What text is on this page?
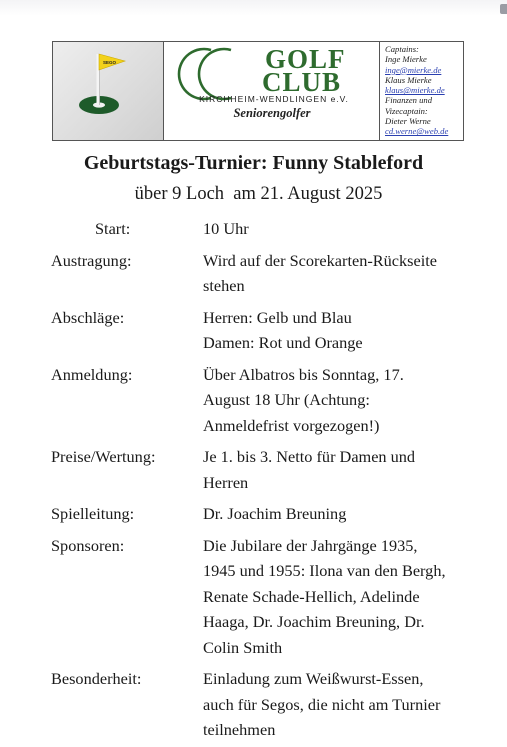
SEGO	GOLF
CLUB
KIRCHHEIM-WENDLINGEN e.V.
Seniorengolfer
Captains:
Inge Mierke
inge@mierke.de
Klaus Mierke
klaus@mierke.de
Finanzen und
Vizecaptain:
Dieter Werne
cd.werne@web.de
Geburtstags-Turnier: Funny Stableford
über 9 Loch  am 21. August 2025
Start:	10 Uhr
Austragung:	Wird auf der Scorekarten-Rückseite
stehen
Abschläge:	Herren: Gelb und Blau
Damen: Rot und Orange
Anmeldung:	Über Albatros bis Sonntag, 17.
August 18 Uhr (Achtung:
Anmeldefrist vorgezogen!)
Preise/Wertung:	Je 1. bis 3. Netto für Damen und
Herren
Spielleitung:	Dr. Joachim Breuning
Sponsoren:	Die Jubilare der Jahrgänge 1935,
1945 und 1955: Ilona van den Bergh,
Renate Schade-Hellich, Adelinde
Haaga, Dr. Joachim Breuning, Dr.
Colin Smith
Besonderheit:	Einladung zum Weißwurst-Essen,
auch für Segos, die nicht am Turnier
teilnehmen
